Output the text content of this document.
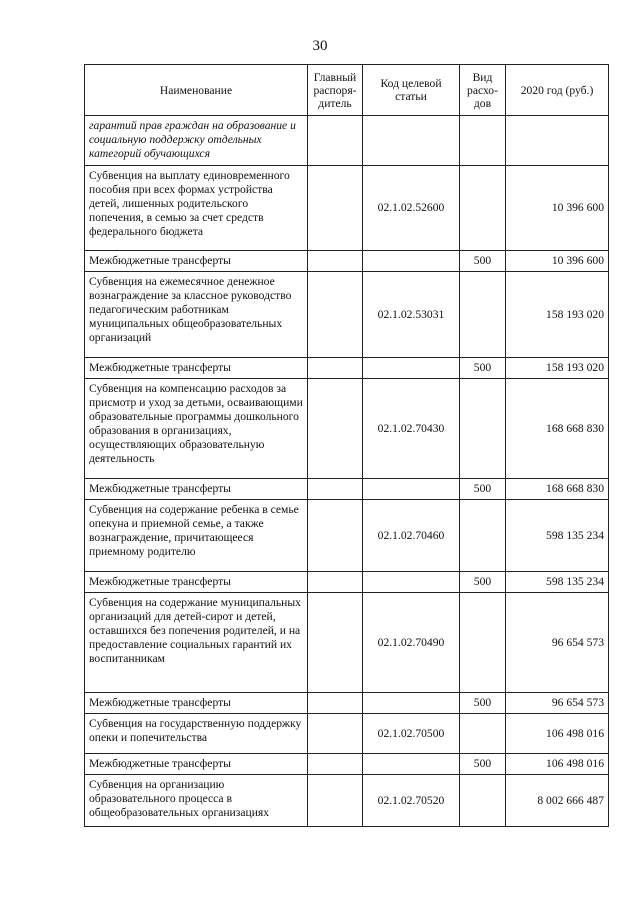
30
Наименование	Главный распоря-дитель	Код целевой статьи	Вид расхо-дов	2020 год (руб.)
гарантий прав граждан на образование и социальную поддержку отдельных категорий обучающихся				
Субвенция на выплату единовременного пособия при всех формах устройства детей, лишенных родительского попечения, в семью за счет средств федерального бюджета		02.1.02.52600		10 396 600
Межбюджетные трансферты			500	10 396 600
Субвенция на ежемесячное денежное вознаграждение за классное руководство педагогическим работникам муниципальных общеобразовательных организаций		02.1.02.53031		158 193 020
Межбюджетные трансферты			500	158 193 020
Субвенция на компенсацию расходов за присмотр и уход за детьми, осваивающими образовательные программы дошкольного образования в организациях, осуществляющих образовательную деятельность		02.1.02.70430		168 668 830
Межбюджетные трансферты			500	168 668 830
Субвенция на содержание ребенка в семье опекуна и приемной семье, а также вознаграждение, причитающееся приемному родителю		02.1.02.70460		598 135 234
Межбюджетные трансферты			500	598 135 234
Субвенция на содержание муниципальных организаций для детей-сирот и детей, оставшихся без попечения родителей, и на предоставление социальных гарантий их воспитанникам		02.1.02.70490		96 654 573
Межбюджетные трансферты			500	96 654 573
Субвенция на государственную поддержку опеки и попечительства		02.1.02.70500		106 498 016
Межбюджетные трансферты			500	106 498 016
Субвенция на организацию образовательного процесса в общеобразовательных организациях		02.1.02.70520		8 002 666 487
